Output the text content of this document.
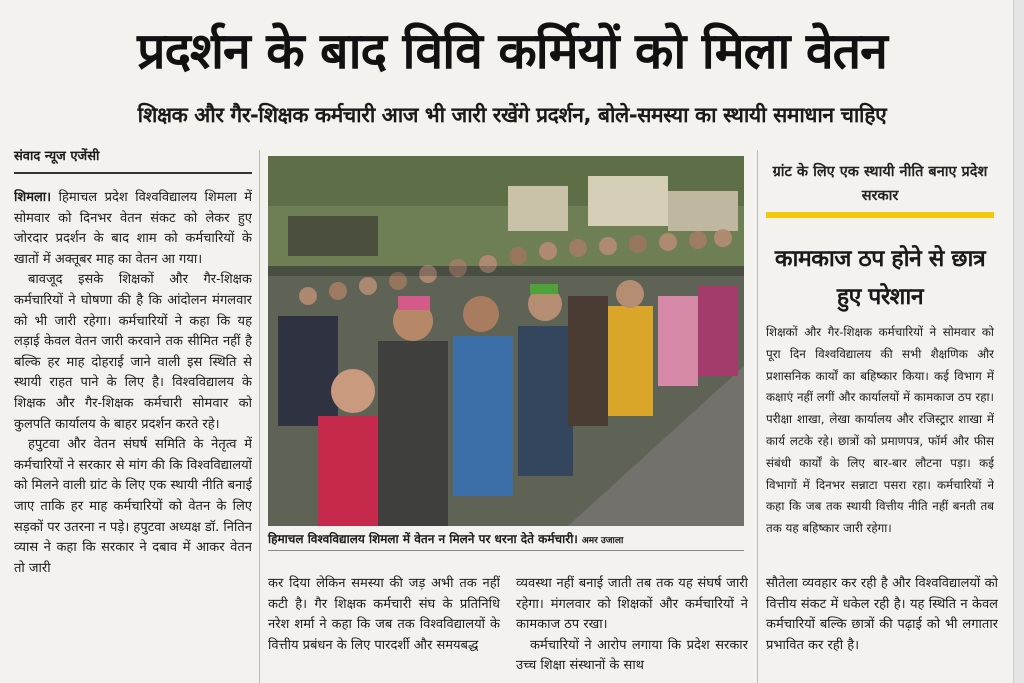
प्रदर्शन के बाद विवि कर्मियों को मिला वेतन
शिक्षक और गैर-शिक्षक कर्मचारी आज भी जारी रखेंगे प्रदर्शन, बोले-समस्या का स्थायी समाधान चाहिए
संवाद न्यूज एजेंसी

शिमला। हिमाचल प्रदेश विश्वविद्यालय शिमला में सोमवार को दिनभर वेतन संकट को लेकर हुए जोरदार प्रदर्शन के बाद शाम को कर्मचारियों के खातों में अक्तूबर माह का वेतन आ गया।

बावजूद इसके शिक्षकों और गैर-शिक्षक कर्मचारियों ने घोषणा की है कि आंदोलन मंगलवार को भी जारी रहेगा। कर्मचारियों ने कहा कि यह लड़ाई केवल वेतन जारी करवाने तक सीमित नहीं है बल्कि हर माह दोहराई जाने वाली इस स्थिति से स्थायी राहत पाने के लिए है। विश्वविद्यालय के शिक्षक और गैर-शिक्षक कर्मचारी सोमवार को कुलपति कार्यालय के बाहर प्रदर्शन करते रहे।

हपुटवा और वेतन संघर्ष समिति के नेतृत्व में कर्मचारियों ने सरकार से मांग की कि विश्वविद्यालयों को मिलने वाली ग्रांट के लिए एक स्थायी नीति बनाई जाए ताकि हर माह कर्मचारियों को वेतन के लिए सड़कों पर उतरना न पड़े। हपुटवा अध्यक्ष डॉ. नितिन व्यास ने कहा कि सरकार ने दबाव में आकर वेतन तो जारी

हिमाचल विश्वविद्यालय शिमला में वेतन न मिलने पर धरना देते कर्मचारी। अमर उजाला

कर दिया लेकिन समस्या की जड़ अभी तक नहीं कटी है। गैर शिक्षक कर्मचारी संघ के प्रतिनिधि नरेश शर्मा ने कहा कि जब तक विश्वविद्यालयों के वित्तीय प्रबंधन के लिए पारदर्शी और समयबद्ध

व्यवस्था नहीं बनाई जाती तब तक यह संघर्ष जारी रहेगा। मंगलवार को शिक्षकों और कर्मचारियों ने कामकाज ठप रखा।

कर्मचारियों ने आरोप लगाया कि प्रदेश सरकार उच्च शिक्षा संस्थानों के साथ

सौतेला व्यवहार कर रही है और विश्वविद्यालयों को वित्तीय संकट में धकेल रही है। यह स्थिति न केवल कर्मचारियों बल्कि छात्रों की पढ़ाई को भी लगातार प्रभावित कर रही है।

ग्रांट के लिए एक स्थायी नीति बनाए प्रदेश सरकार
कामकाज ठप होने से छात्र हुए परेशान

शिक्षकों और गैर-शिक्षक कर्मचारियों ने सोमवार को पूरा दिन विश्वविद्यालय की सभी शैक्षणिक और प्रशासनिक कार्यों का बहिष्कार किया। कई विभाग में कक्षाएं नहीं लगीं और कार्यालयों में कामकाज ठप रहा। परीक्षा शाखा, लेखा कार्यालय और रजिस्ट्रार शाखा में कार्य लटके रहे। छात्रों को प्रमाणपत्र, फॉर्म और फीस संबंधी कार्यों के लिए बार-बार लौटना पड़ा। कई विभागों में दिनभर सन्नाटा पसरा रहा। कर्मचारियों ने कहा कि जब तक स्थायी वित्तीय नीति नहीं बनती तब तक यह बहिष्कार जारी रहेगा।
